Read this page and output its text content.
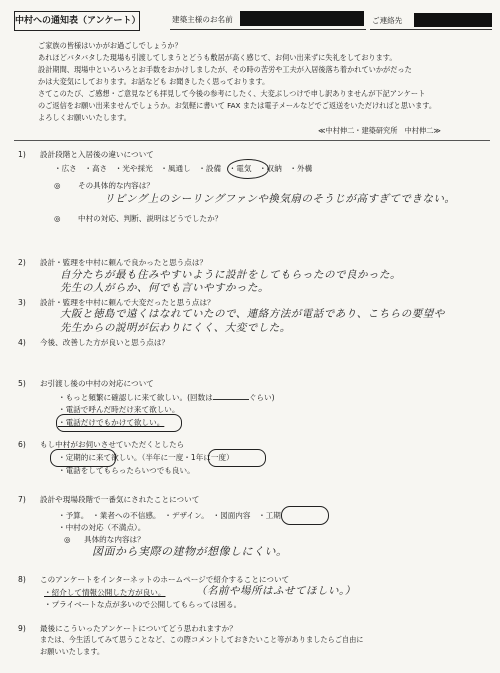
中村への通知表（アンケート）	建築主様のお名前	ご連絡先
ご家族の皆様はいかがお過ごしでしょうか？
あれほどバタバタした現場も引渡してしまうとどうも敷居が高く感じて、お伺い出来ずに失礼をしております。
設計期間、現場中といろいろとお手数をおかけしましたが、その時の苦労や工夫が入居後落ち着かれていかがだった
かは大変気にしております。お話なども お聞きしたく思っております。
さてこのたび、ご感想・ご意見なども拝見して今後の参考にしたく、大変ぶしつけで申し訳ありませんが下記アンケート
のご返信をお願い出来ませんでしょうか。お気軽に書いて FAX または電子メールなどでご返送をいただければと思います。
よろしくお願いいたします。
≪中村伸二・建築研究所　中村伸二≫
1) 設計段階と入居後の違いについて
・広さ　・高さ　・光や採光　・風通し　・設備　・電気　・収納　・外構
◎ その具体的な内容は？
リビング上のシーリングファンや換気扇のそうじが高すぎてできない。
◎ 中村の対応、判断、説明はどうでしたか？
2) 設計・監理を中村に頼んで良かったと思う点は？
自分たちが最も住みやすいように設計をしてもらったので良かった。
先生の人がらか、何でも言いやすかった。
3) 設計・監理を中村に頼んで大変だったと思う点は？
大阪と徳島で遠くはなれていたので、連絡方法が電話であり、こちらの要望や
先生からの説明が伝わりにくく、大変でした。
4) 今後、改善した方が良いと思う点は？
5) お引渡し後の中村の対応について
・もっと頻繁に確認しに来て欲しい。(回数は	ぐらい)
・電話で呼んだ時だけ来て欲しい。
・電話だけでもかけて欲しい。
6) もし中村がお伺いさせていただくとしたら
・定期的に来て欲しい。（半年に一度・1年に一度）
・電話をしてもらったらいつでも良い。
7) 設計や現場段階で一番気にされたことについて
・予算。　・業者への不信感。　・デザイン。　・図面内容　・工期
・中村の対応（不満点）。
◎ 具体的な内容は？
図面から実際の建物が想像しにくい。
8) このアンケートをインターネットのホームページで紹介することについて
・紹介して情報公開した方が良い。	（名前や場所はふせてほしい。）
・プライベートな点が多いので公開してもらっては困る。
9) 最後にこういったアンケートについてどう思われますか？
または、今生活してみて思うことなど、この際コメントしておきたいこと等がありましたらご自由に
お願いいたします。
